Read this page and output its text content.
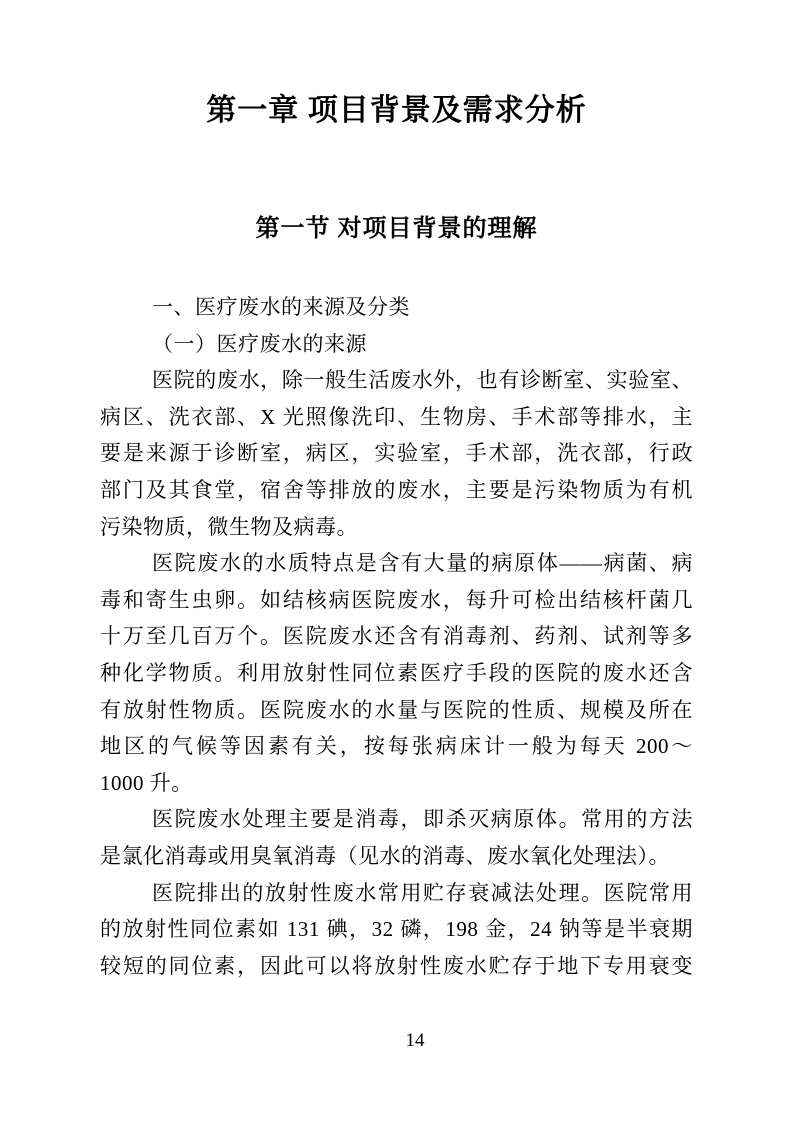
第一章 项目背景及需求分析
第一节 对项目背景的理解
一、医疗废水的来源及分类
（一）医疗废水的来源
医院的废水，除一般生活废水外，也有诊断室、实验室、
病区、洗衣部、X 光照像洗印、生物房、手术部等排水，主
要是来源于诊断室，病区，实验室，手术部，洗衣部，行政
部门及其食堂，宿舍等排放的废水，主要是污染物质为有机
污染物质，微生物及病毒。
医院废水的水质特点是含有大量的病原体——病菌、病
毒和寄生虫卵。如结核病医院废水，每升可检出结核杆菌几
十万至几百万个。医院废水还含有消毒剂、药剂、试剂等多
种化学物质。利用放射性同位素医疗手段的医院的废水还含
有放射性物质。医院废水的水量与医院的性质、规模及所在
地区的气候等因素有关，按每张病床计一般为每天 200～
1000 升。
医院废水处理主要是消毒，即杀灭病原体。常用的方法
是氯化消毒或用臭氧消毒（见水的消毒、废水氧化处理法）。
医院排出的放射性废水常用贮存衰减法处理。医院常用
的放射性同位素如 131 碘，32 磷，198 金，24 钠等是半衰期
较短的同位素，因此可以将放射性废水贮存于地下专用衰变
14
